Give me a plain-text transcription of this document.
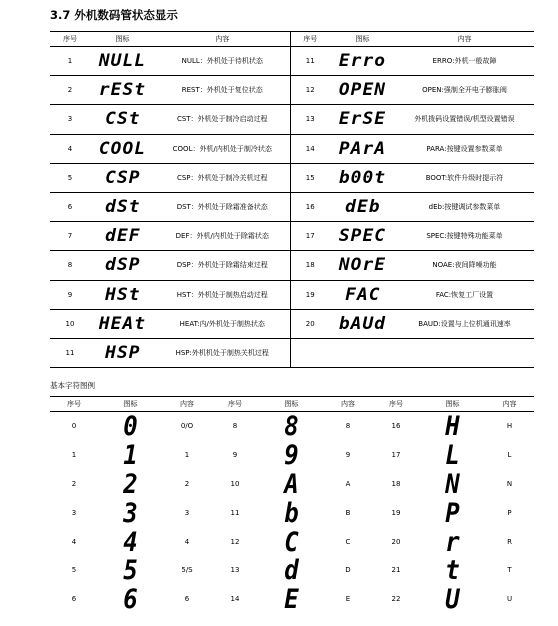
3.7 外机数码管状态显示
序号	图标	内容	序号	图标	内容
1	NULL	NULL：外机处于待机状态	11	Erro	ERRO:外机一般故障
2	rESt	REST：外机处于复位状态	12	OPEN	OPEN:强制全开电子膨胀阀
3	CSt	CST：外机处于制冷启动过程	13	ErSE	外机拨码设置错误/机型设置错误
4	COOL	COOL：外机/内机处于制冷状态	14	PArA	PARA:按键设置参数菜单
5	CSP	CSP：外机处于制冷关机过程	15	b00t	BOOT:软件升级时提示符
6	dSt	DST：外机处于除霜准备状态	16	dEb	dEb:按键调试参数菜单
7	dEF	DEF：外机/内机处于除霜状态	17	SPEC	SPEC:按键特殊功能菜单
8	dSP	DSP：外机处于除霜结束过程	18	NOrE	NOAE:夜间降噪功能
9	HSt	HST：外机处于制热启动过程	19	FAC	FAC:恢复工厂设置
10	HEAt	HEAT:内/外机处于制热状态	20	bAUd	BAUD:设置与上位机通讯速率
11	HSP	HSP:外机机处于制热关机过程			
基本字符图例
序号	图标	内容	序号	图标	内容	序号	图标	内容
0	0	0/O	8	8	8	16	H	H
1	1	1	9	9	9	17	L	L
2	2	2	10	A	A	18	N	N
3	3	3	11	b	B	19	P	P
4	4	4	12	C	C	20	r	R
5	5	5/S	13	d	D	21	t	T
6	6	6	14	E	E	22	U	U
